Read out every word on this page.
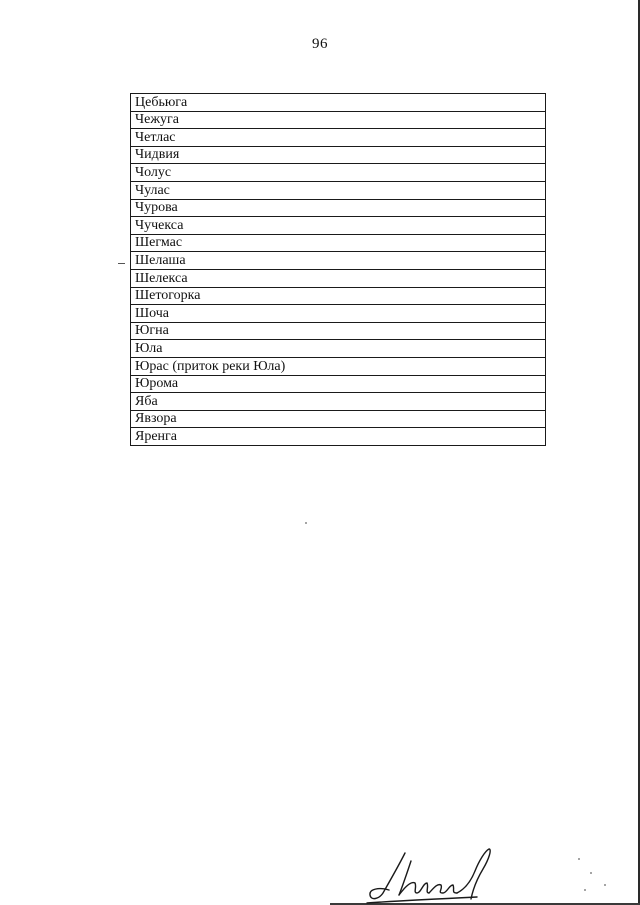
96
Цебьюга
Чежуга
Четлас
Чидвия
Чолус
Чулас
Чурова
Чучекса
Шегмас
Шелаша
Шелекса
Шетогорка
Шоча
Югна
Юла
Юрас (приток реки Юла)
Юрома
Яба
Явзора
Яренга
